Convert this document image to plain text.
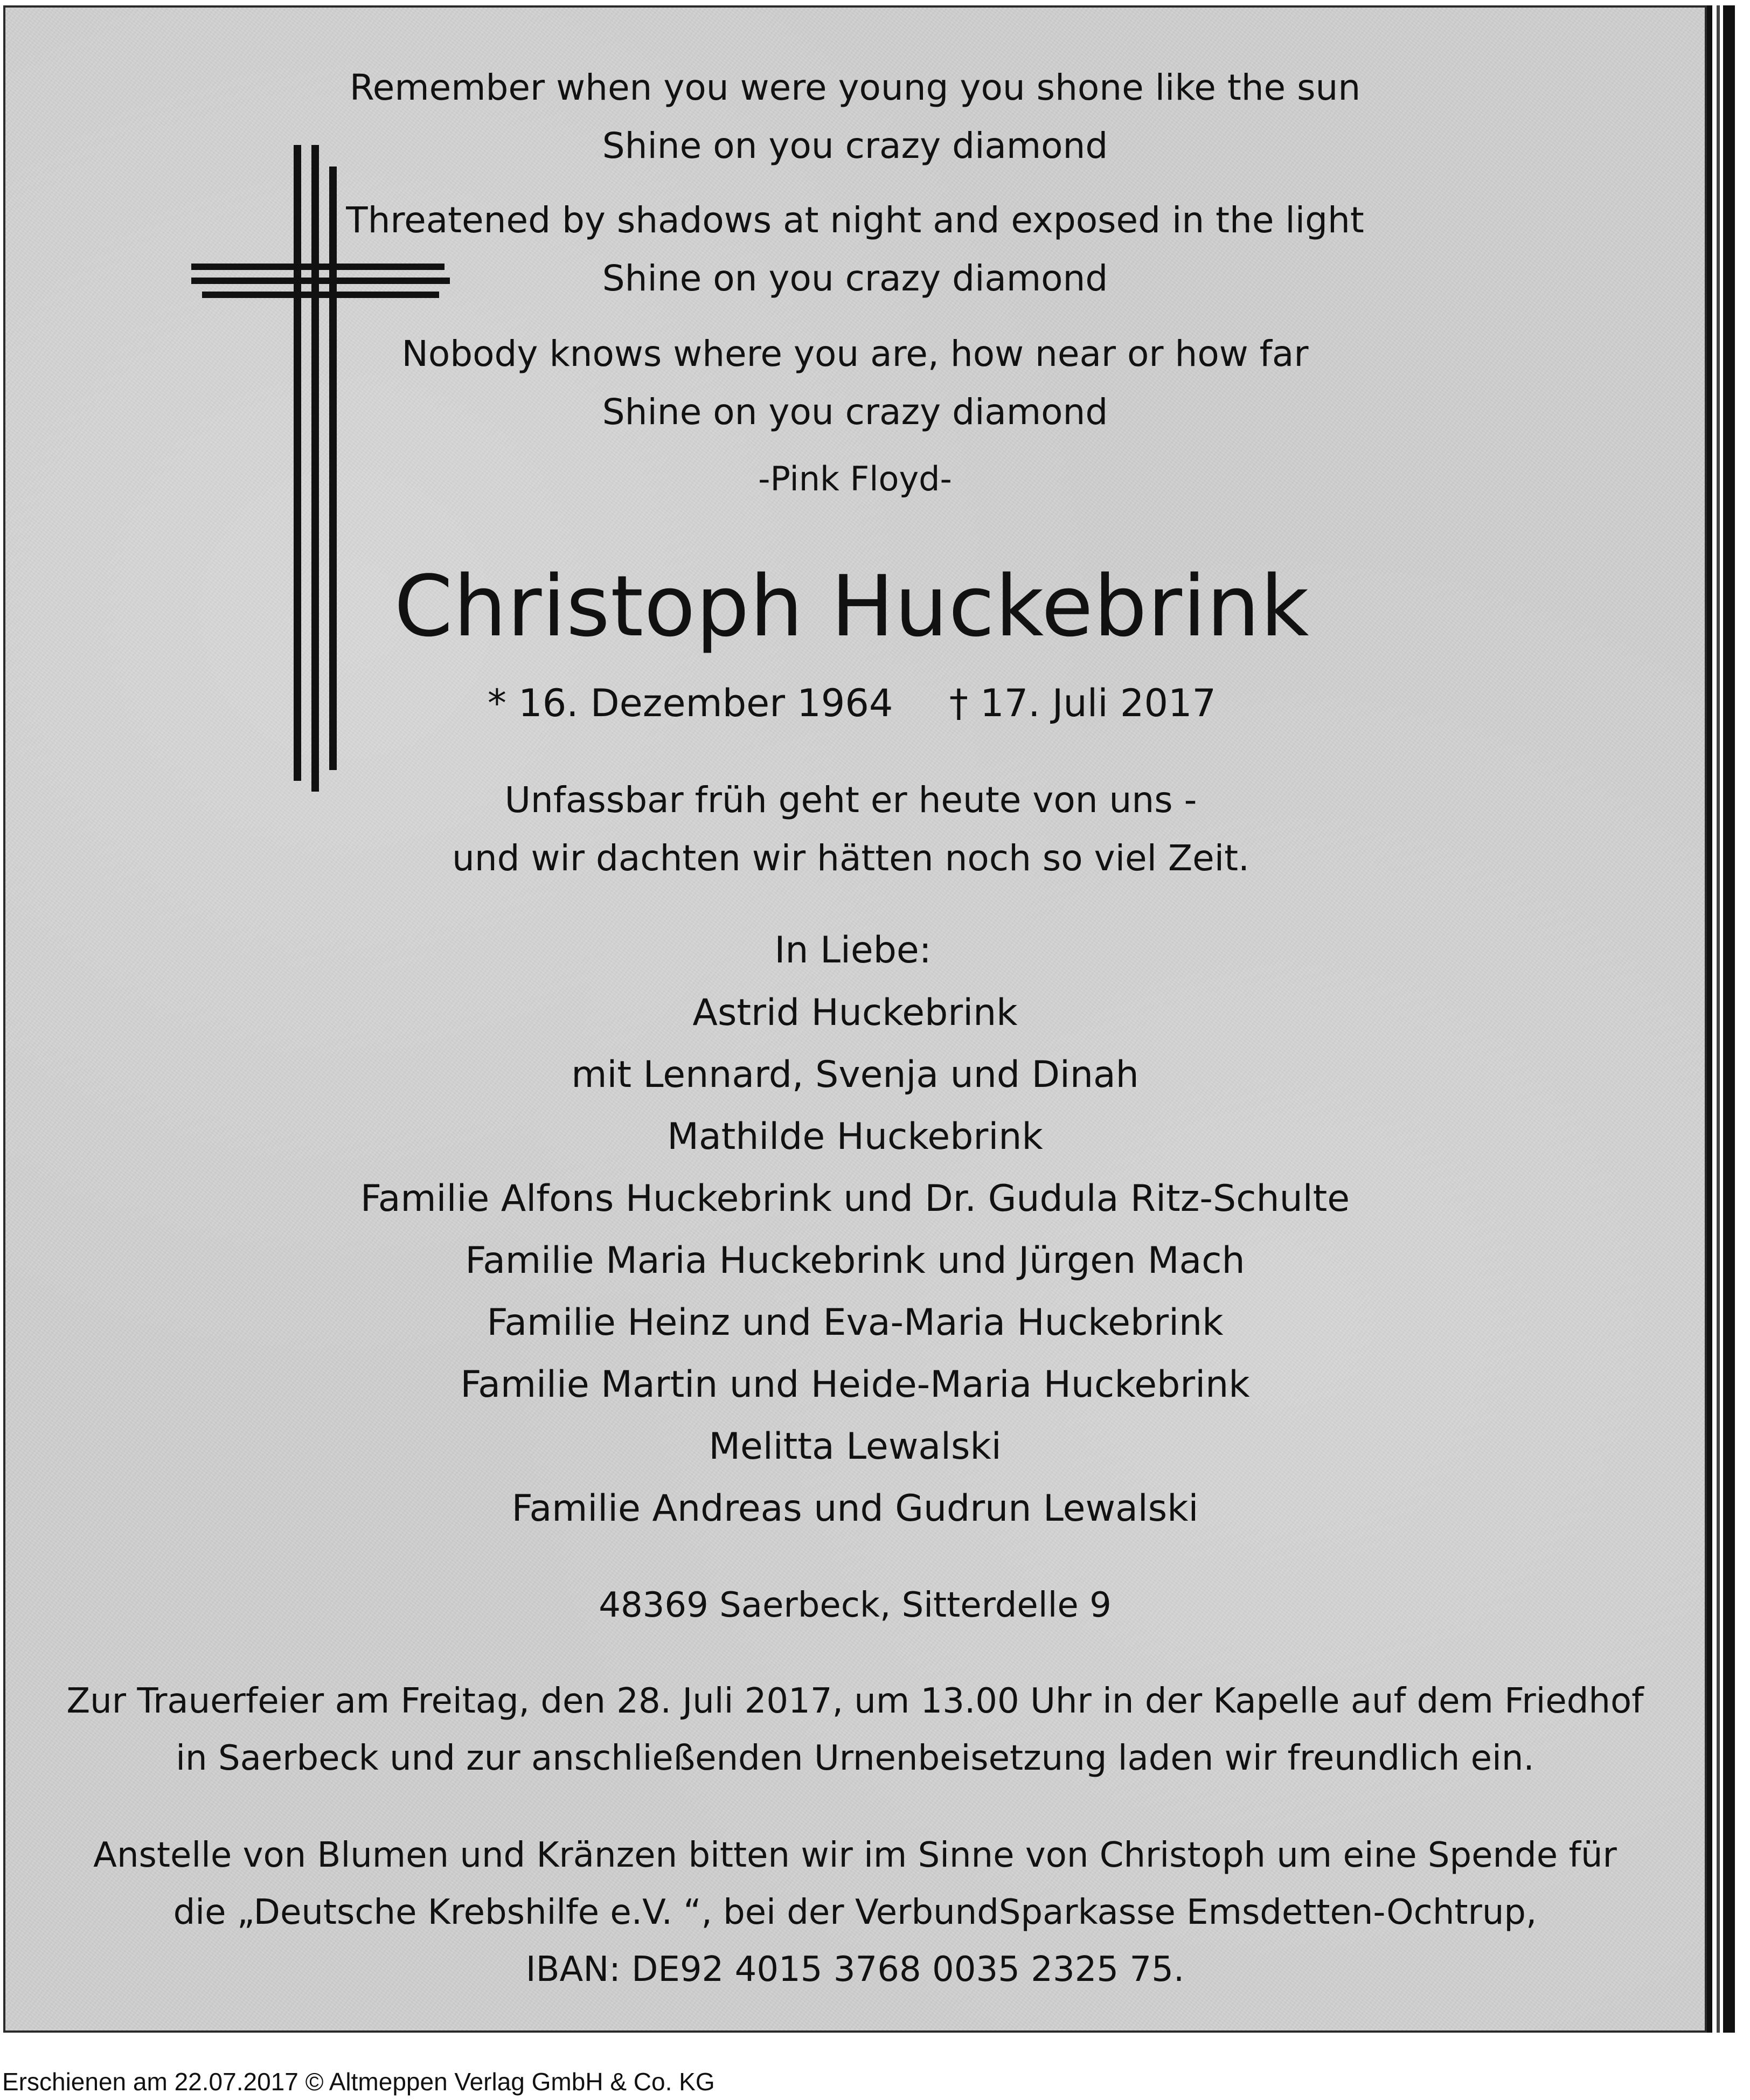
Remember when you were young you shone like the sun

Shine on you crazy diamond

Threatened by shadows at night and exposed in the light

Shine on you crazy diamond

Nobody knows where you are, how near or how far

Shine on you crazy diamond

-Pink Floyd-

Christoph Huckebrink

* 16. Dezember 1964 † 17. Juli 2017

Unfassbar früh geht er heute von uns -

und wir dachten wir hätten noch so viel Zeit.

In Liebe:

Astrid Huckebrink

mit Lennard, Svenja und Dinah

Mathilde Huckebrink

Familie Alfons Huckebrink und Dr. Gudula Ritz-Schulte

Familie Maria Huckebrink und Jürgen Mach

Familie Heinz und Eva-Maria Huckebrink

Familie Martin und Heide-Maria Huckebrink

Melitta Lewalski

Familie Andreas und Gudrun Lewalski

48369 Saerbeck, Sitterdelle 9

Zur Trauerfeier am Freitag, den 28. Juli 2017, um 13.00 Uhr in der Kapelle auf dem Friedhof

in Saerbeck und zur anschließenden Urnenbeisetzung laden wir freundlich ein.

Anstelle von Blumen und Kränzen bitten wir im Sinne von Christoph um eine Spende für

die „Deutsche Krebshilfe e.V. “, bei der VerbundSparkasse Emsdetten-Ochtrup,

IBAN: DE92 4015 3768 0035 2325 75.

Erschienen am 22.07.2017 © Altmeppen Verlag GmbH & Co. KG
